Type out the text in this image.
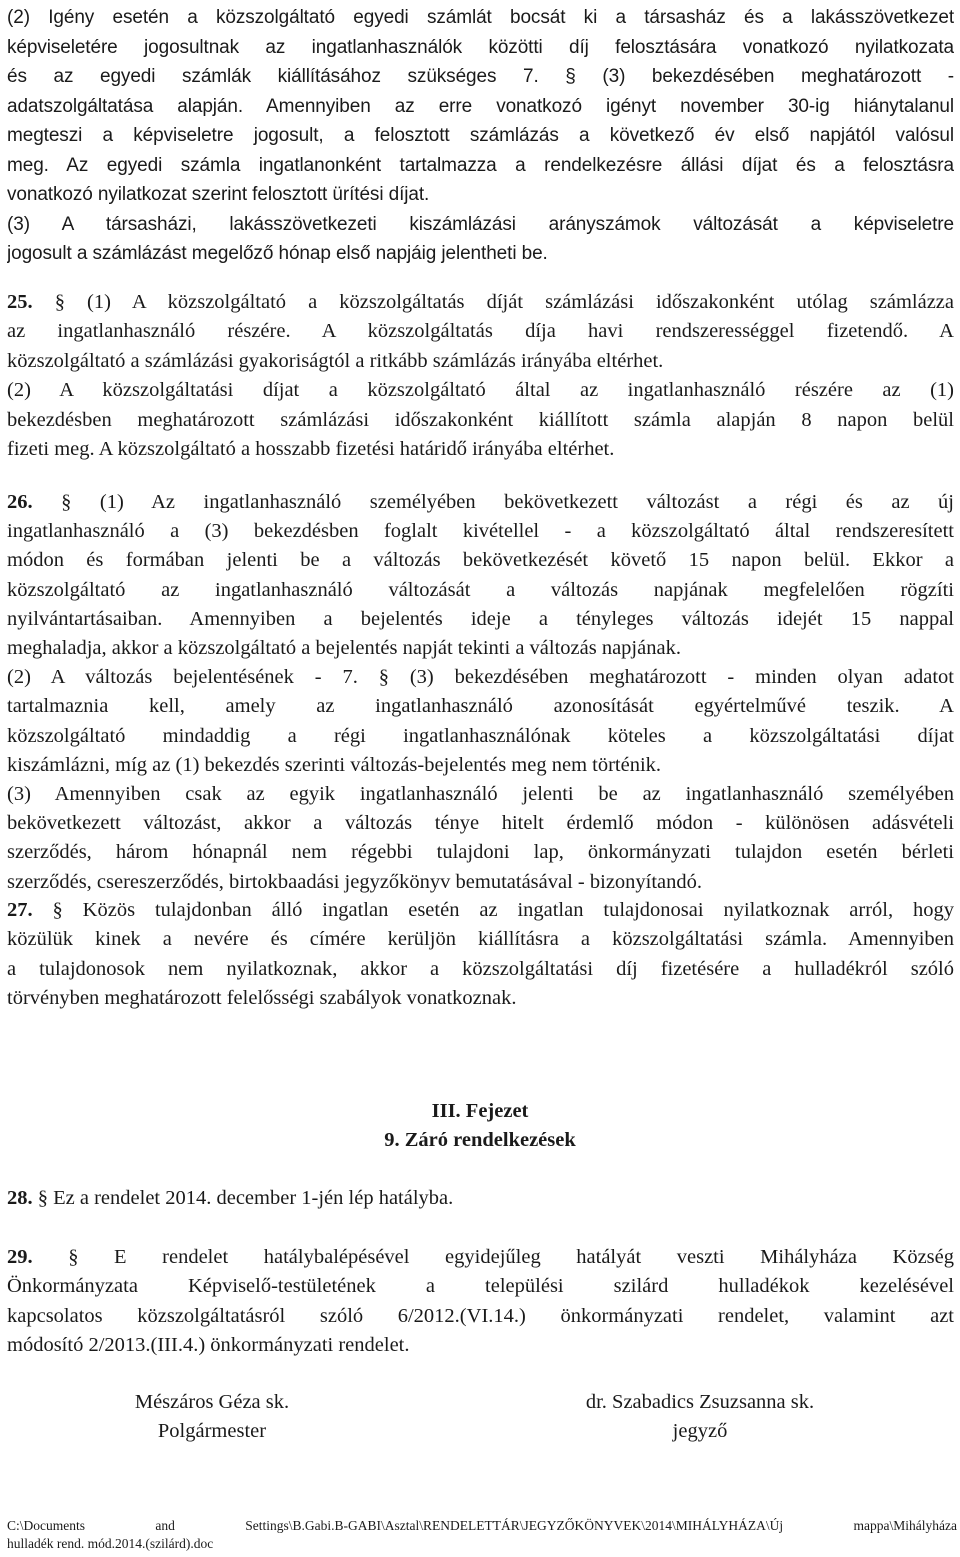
(2) Igény esetén a közszolgáltató egyedi számlát bocsát ki a társasház és a lakásszövetkezet

képviseletére jogosultnak az ingatlanhasználók közötti díj felosztására vonatkozó nyilatkozata

és az egyedi számlák kiállításához szükséges 7. § (3) bekezdésében meghatározott -

adatszolgáltatása alapján. Amennyiben az erre vonatkozó igényt november 30-ig hiánytalanul

megteszi a képviseletre jogosult, a felosztott számlázás a következő év első napjától valósul

meg. Az egyedi számla ingatlanonként tartalmazza a rendelkezésre állási díjat és a felosztásra

vonatkozó nyilatkozat szerint felosztott ürítési díjat.

(3) A társasházi, lakásszövetkezeti kiszámlázási arányszámok változását a képviseletre

jogosult a számlázást megelőző hónap első napjáig jelentheti be.

25. § (1) A közszolgáltató a közszolgáltatás díját számlázási időszakonként utólag számlázza

az ingatlanhasználó részére. A közszolgáltatás díja havi rendszerességgel fizetendő. A

közszolgáltató a számlázási gyakoriságtól a ritkább számlázás irányába eltérhet.

(2) A közszolgáltatási díjat a közszolgáltató által az ingatlanhasználó részére az (1)

bekezdésben meghatározott számlázási időszakonként kiállított számla alapján 8 napon belül

fizeti meg. A közszolgáltató a hosszabb fizetési határidő irányába eltérhet.

26. § (1) Az ingatlanhasználó személyében bekövetkezett változást a régi és az új

ingatlanhasználó a (3) bekezdésben foglalt kivétellel - a közszolgáltató által rendszeresített

módon és formában jelenti be a változás bekövetkezését követő 15 napon belül. Ekkor a

közszolgáltató az ingatlanhasználó változását a változás napjának megfelelően rögzíti

nyilvántartásaiban. Amennyiben a bejelentés ideje a tényleges változás idejét 15 nappal

meghaladja, akkor a közszolgáltató a bejelentés napját tekinti a változás napjának.

(2) A változás bejelentésének - 7. § (3) bekezdésében meghatározott - minden olyan adatot

tartalmaznia kell, amely az ingatlanhasználó azonosítását egyértelművé teszik. A

közszolgáltató mindaddig a régi ingatlanhasználónak köteles a közszolgáltatási díjat

kiszámlázni, míg az (1) bekezdés szerinti változás-bejelentés meg nem történik.

(3) Amennyiben csak az egyik ingatlanhasználó jelenti be az ingatlanhasználó személyében

bekövetkezett változást, akkor a változás ténye hitelt érdemlő módon - különösen adásvételi

szerződés, három hónapnál nem régebbi tulajdoni lap, önkormányzati tulajdon esetén bérleti

szerződés, csereszerződés, birtokbaadási jegyzőkönyv bemutatásával - bizonyítandó.

27. § Közös tulajdonban álló ingatlan esetén az ingatlan tulajdonosai nyilatkoznak arról, hogy

közülük kinek a nevére és címére kerüljön kiállításra a közszolgáltatási számla. Amennyiben

a tulajdonosok nem nyilatkoznak, akkor a közszolgáltatási díj fizetésére a hulladékról szóló

törvényben meghatározott felelősségi szabályok vonatkoznak.

28. § Ez a rendelet 2014. december 1-jén lép hatályba.

29. § E rendelet hatálybalépésével egyidejűleg hatályát veszti Mihályháza Község

Önkormányzata Képviselő-testületének a települési szilárd hulladékok kezelésével

kapcsolatos közszolgáltatásról szóló 6/2012.(VI.14.) önkormányzati rendelet, valamint azt

módosító 2/2013.(III.4.) önkormányzati rendelet.

III. Fejezet

9. Záró rendelkezések

Mészáros Géza sk.
Polgármester
dr. Szabadics Zsuzsanna sk.
jegyző

C:\Documents and Settings\B.Gabi.B-GABI\Asztal\RENDELETTÁR\JEGYZŐKÖNYVEK\2014\MIHÁLYHÁZA\Új mappa\Mihályháza

hulladék rend. mód.2014.(szilárd).doc
